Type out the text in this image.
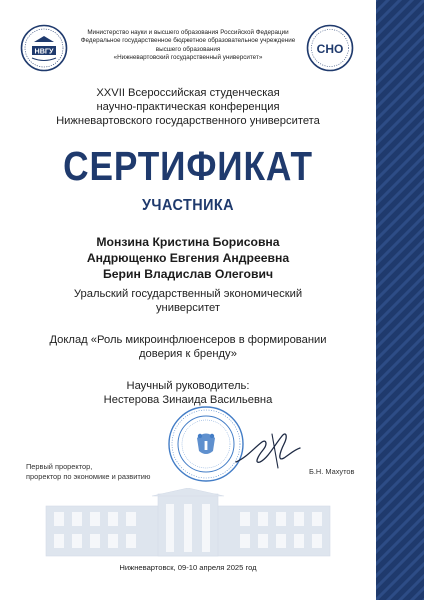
НВГУ
Министерство науки и высшего образования Российской Федерации
Федеральное государственное бюджетное образовательное учреждение
высшего образования
«Нижневартовский государственный университет»
СНО
XXVII Всероссийская студенческая
научно-практическая конференция
Нижневартовского государственного университета
СЕРТИФИКАТ
УЧАСТНИКА
Монзина Кристина Борисовна
Андрющенко Евгения Андреевна
Берин Владислав Олегович
Уральский государственный экономический
университет
Доклад «Роль микроинфлюенсеров в формировании
доверия к бренду»
Научный руководитель:
Нестерова Зинаида Васильевна
Первый проректор,
проректор по экономике и развитию	Б.Н. Махутов
Нижневартовск, 09-10 апреля 2025 год
